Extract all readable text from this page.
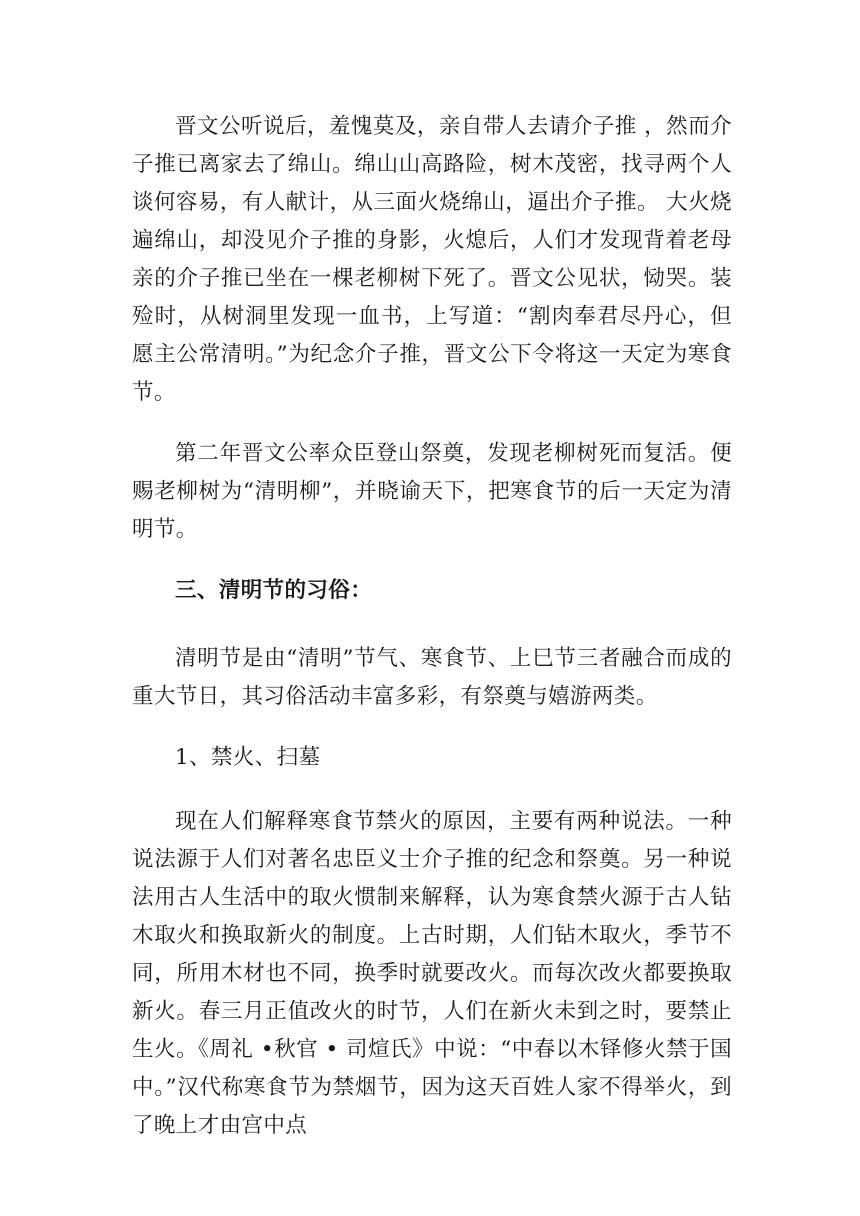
晋文公听说后，羞愧莫及，亲自带人去请介子推 ，然而介子推已离家去了绵山。绵山山高路险，树木茂密，找寻两个人谈何容易，有人献计，从三面火烧绵山，逼出介子推。 大火烧遍绵山，却没见介子推的身影，火熄后，人们才发现背着老母亲的介子推已坐在一棵老柳树下死了。晋文公见状，恸哭。装殓时，从树洞里发现一血书，上写道：“割肉奉君尽丹心，但愿主公常清明。”为纪念介子推，晋文公下令将这一天定为寒食节。

第二年晋文公率众臣登山祭奠，发现老柳树死而复活。便赐老柳树为“清明柳”，并晓谕天下，把寒食节的后一天定为清明节。

三、清明节的习俗：

清明节是由“清明”节气、寒食节、上巳节三者融合而成的重大节日，其习俗活动丰富多彩，有祭奠与嬉游两类。

1、禁火、扫墓

现在人们解释寒食节禁火的原因，主要有两种说法。一种说法源于人们对著名忠臣义士介子推的纪念和祭奠。另一种说法用古人生活中的取火惯制来解释，认为寒食禁火源于古人钻木取火和换取新火的制度。上古时期，人们钻木取火，季节不同，所用木材也不同，换季时就要改火。而每次改火都要换取新火。春三月正值改火的时节，人们在新火未到之时，要禁止生火。《周礼 •秋官 • 司煊氏》中说：“中春以木铎修火禁于国中。”汉代称寒食节为禁烟节，因为这天百姓人家不得举火，到了晚上才由宫中点
